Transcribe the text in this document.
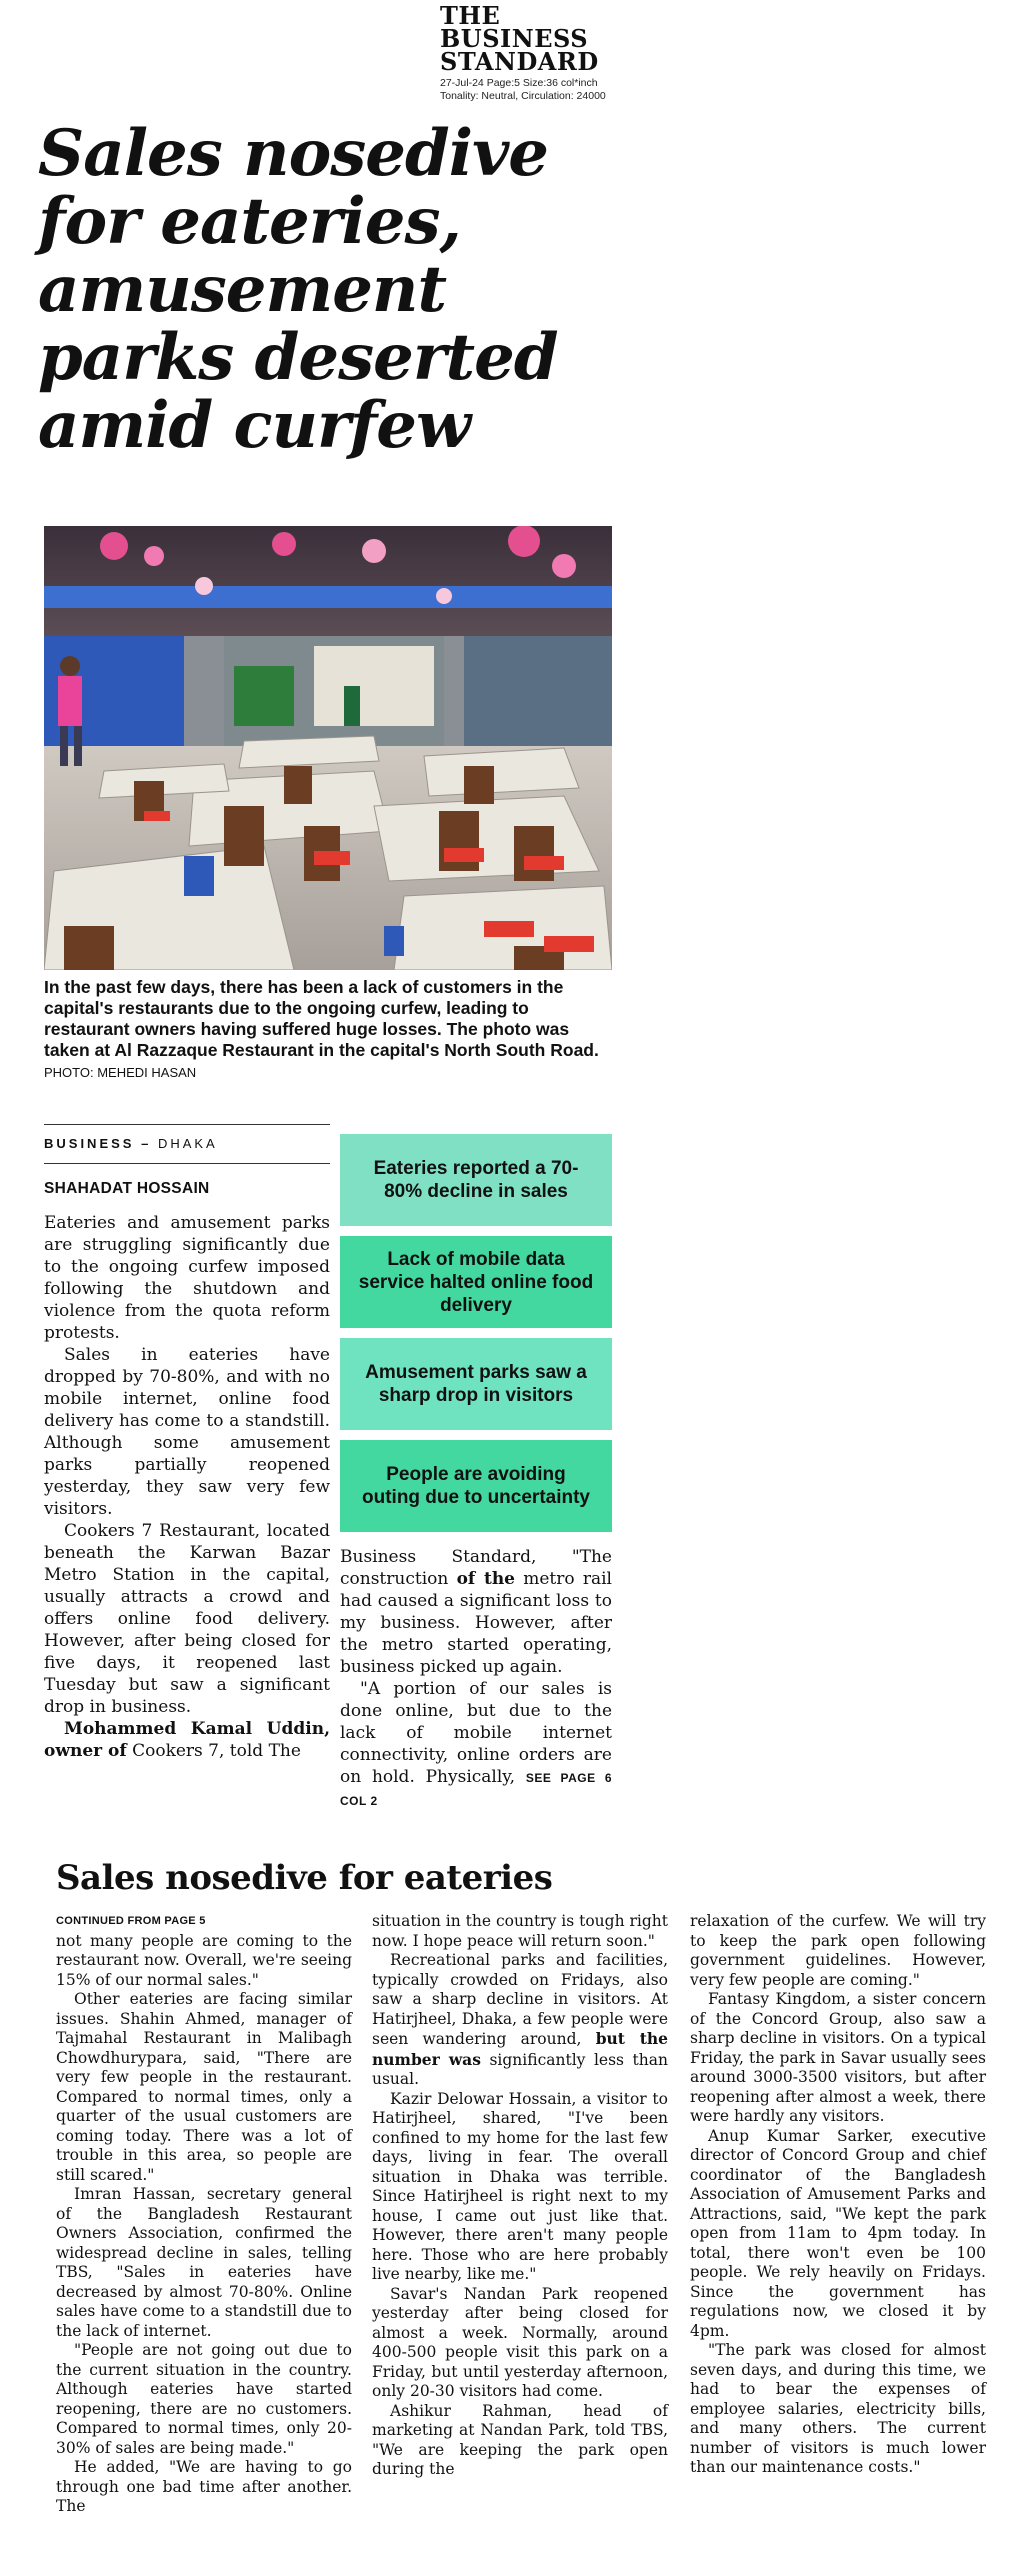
THE
BUSINESS
STANDARD
27-Jul-24 Page:5 Size:36 col*inch
Tonality: Neutral, Circulation: 24000
Sales nosedive for eateries, amusement parks deserted amid curfew
In the past few days, there has been a lack of customers in the capital's restaurants due to the ongoing curfew, leading to restaurant owners having suffered huge losses. The photo was taken at Al Razzaque Restaurant in the capital's North South Road. PHOTO: MEHEDI HASAN
BUSINESS – DHAKA
SHAHADAT HOSSAIN

Eateries and amusement parks are struggling significantly due to the ongoing curfew imposed following the shutdown and violence from the quota reform protests.

Sales in eateries have dropped by 70-80%, and with no mobile internet, online food delivery has come to a standstill. Although some amusement parks partially reopened yesterday, they saw very few visitors.

Cookers 7 Restaurant, located beneath the Karwan Bazar Metro Station in the capital, usually attracts a crowd and offers online food delivery. However, after being closed for five days, it reopened last Tuesday but saw a significant drop in business.

Mohammed Kamal Uddin, owner of Cookers 7, told The

Eateries reported a 70-80% decline in sales
Lack of mobile data service halted online food delivery
Amusement parks saw a sharp drop in visitors
People are avoiding outing due to uncertainty

Business Standard, "The construction of the metro rail had caused a significant loss to my business. However, after the metro started operating, business picked up again.

"A portion of our sales is done online, but due to the lack of mobile internet connectivity, online orders are on hold. Physically, SEE PAGE 6 COL 2

Sales nosedive for eateries
CONTINUED FROM PAGE 5

not many people are coming to the restaurant now. Overall, we're seeing 15% of our normal sales."

Other eateries are facing similar issues. Shahin Ahmed, manager of Tajmahal Restaurant in Malibagh Chowdhurypara, said, "There are very few people in the restaurant. Compared to normal times, only a quarter of the usual customers are coming today. There was a lot of trouble in this area, so people are still scared."

Imran Hassan, secretary general of the Bangladesh Restaurant Owners Association, confirmed the widespread decline in sales, telling TBS, "Sales in eateries have decreased by almost 70-80%. Online sales have come to a standstill due to the lack of internet.

"People are not going out due to the current situation in the country. Although eateries have started reopening, there are no customers. Compared to normal times, only 20-30% of sales are being made."

He added, "We are having to go through one bad time after another. The

situation in the country is tough right now. I hope peace will return soon."

Recreational parks and facilities, typically crowded on Fridays, also saw a sharp decline in visitors. At Hatirjheel, Dhaka, a few people were seen wandering around, but the number was significantly less than usual.

Kazir Delowar Hossain, a visitor to Hatirjheel, shared, "I've been confined to my home for the last few days, living in fear. The overall situation in Dhaka was terrible. Since Hatirjheel is right next to my house, I came out just like that. However, there aren't many people here. Those who are here probably live nearby, like me."

Savar's Nandan Park reopened yesterday after being closed for almost a week. Normally, around 400-500 people visit this park on a Friday, but until yesterday afternoon, only 20-30 visitors had come.

Ashikur Rahman, head of marketing at Nandan Park, told TBS, "We are keeping the park open during the

relaxation of the curfew. We will try to keep the park open following government guidelines. However, very few people are coming."

Fantasy Kingdom, a sister concern of the Concord Group, also saw a sharp decline in visitors. On a typical Friday, the park in Savar usually sees around 3000-3500 visitors, but after reopening after almost a week, there were hardly any visitors.

Anup Kumar Sarker, executive director of Concord Group and chief coordinator of the Bangladesh Association of Amusement Parks and Attractions, said, "We kept the park open from 11am to 4pm today. In total, there won't even be 100 people. We rely heavily on Fridays. Since the government has regulations now, we closed it by 4pm.

"The park was closed for almost seven days, and during this time, we had to bear the expenses of employee salaries, electricity bills, and many others. The current number of visitors is much lower than our maintenance costs."
